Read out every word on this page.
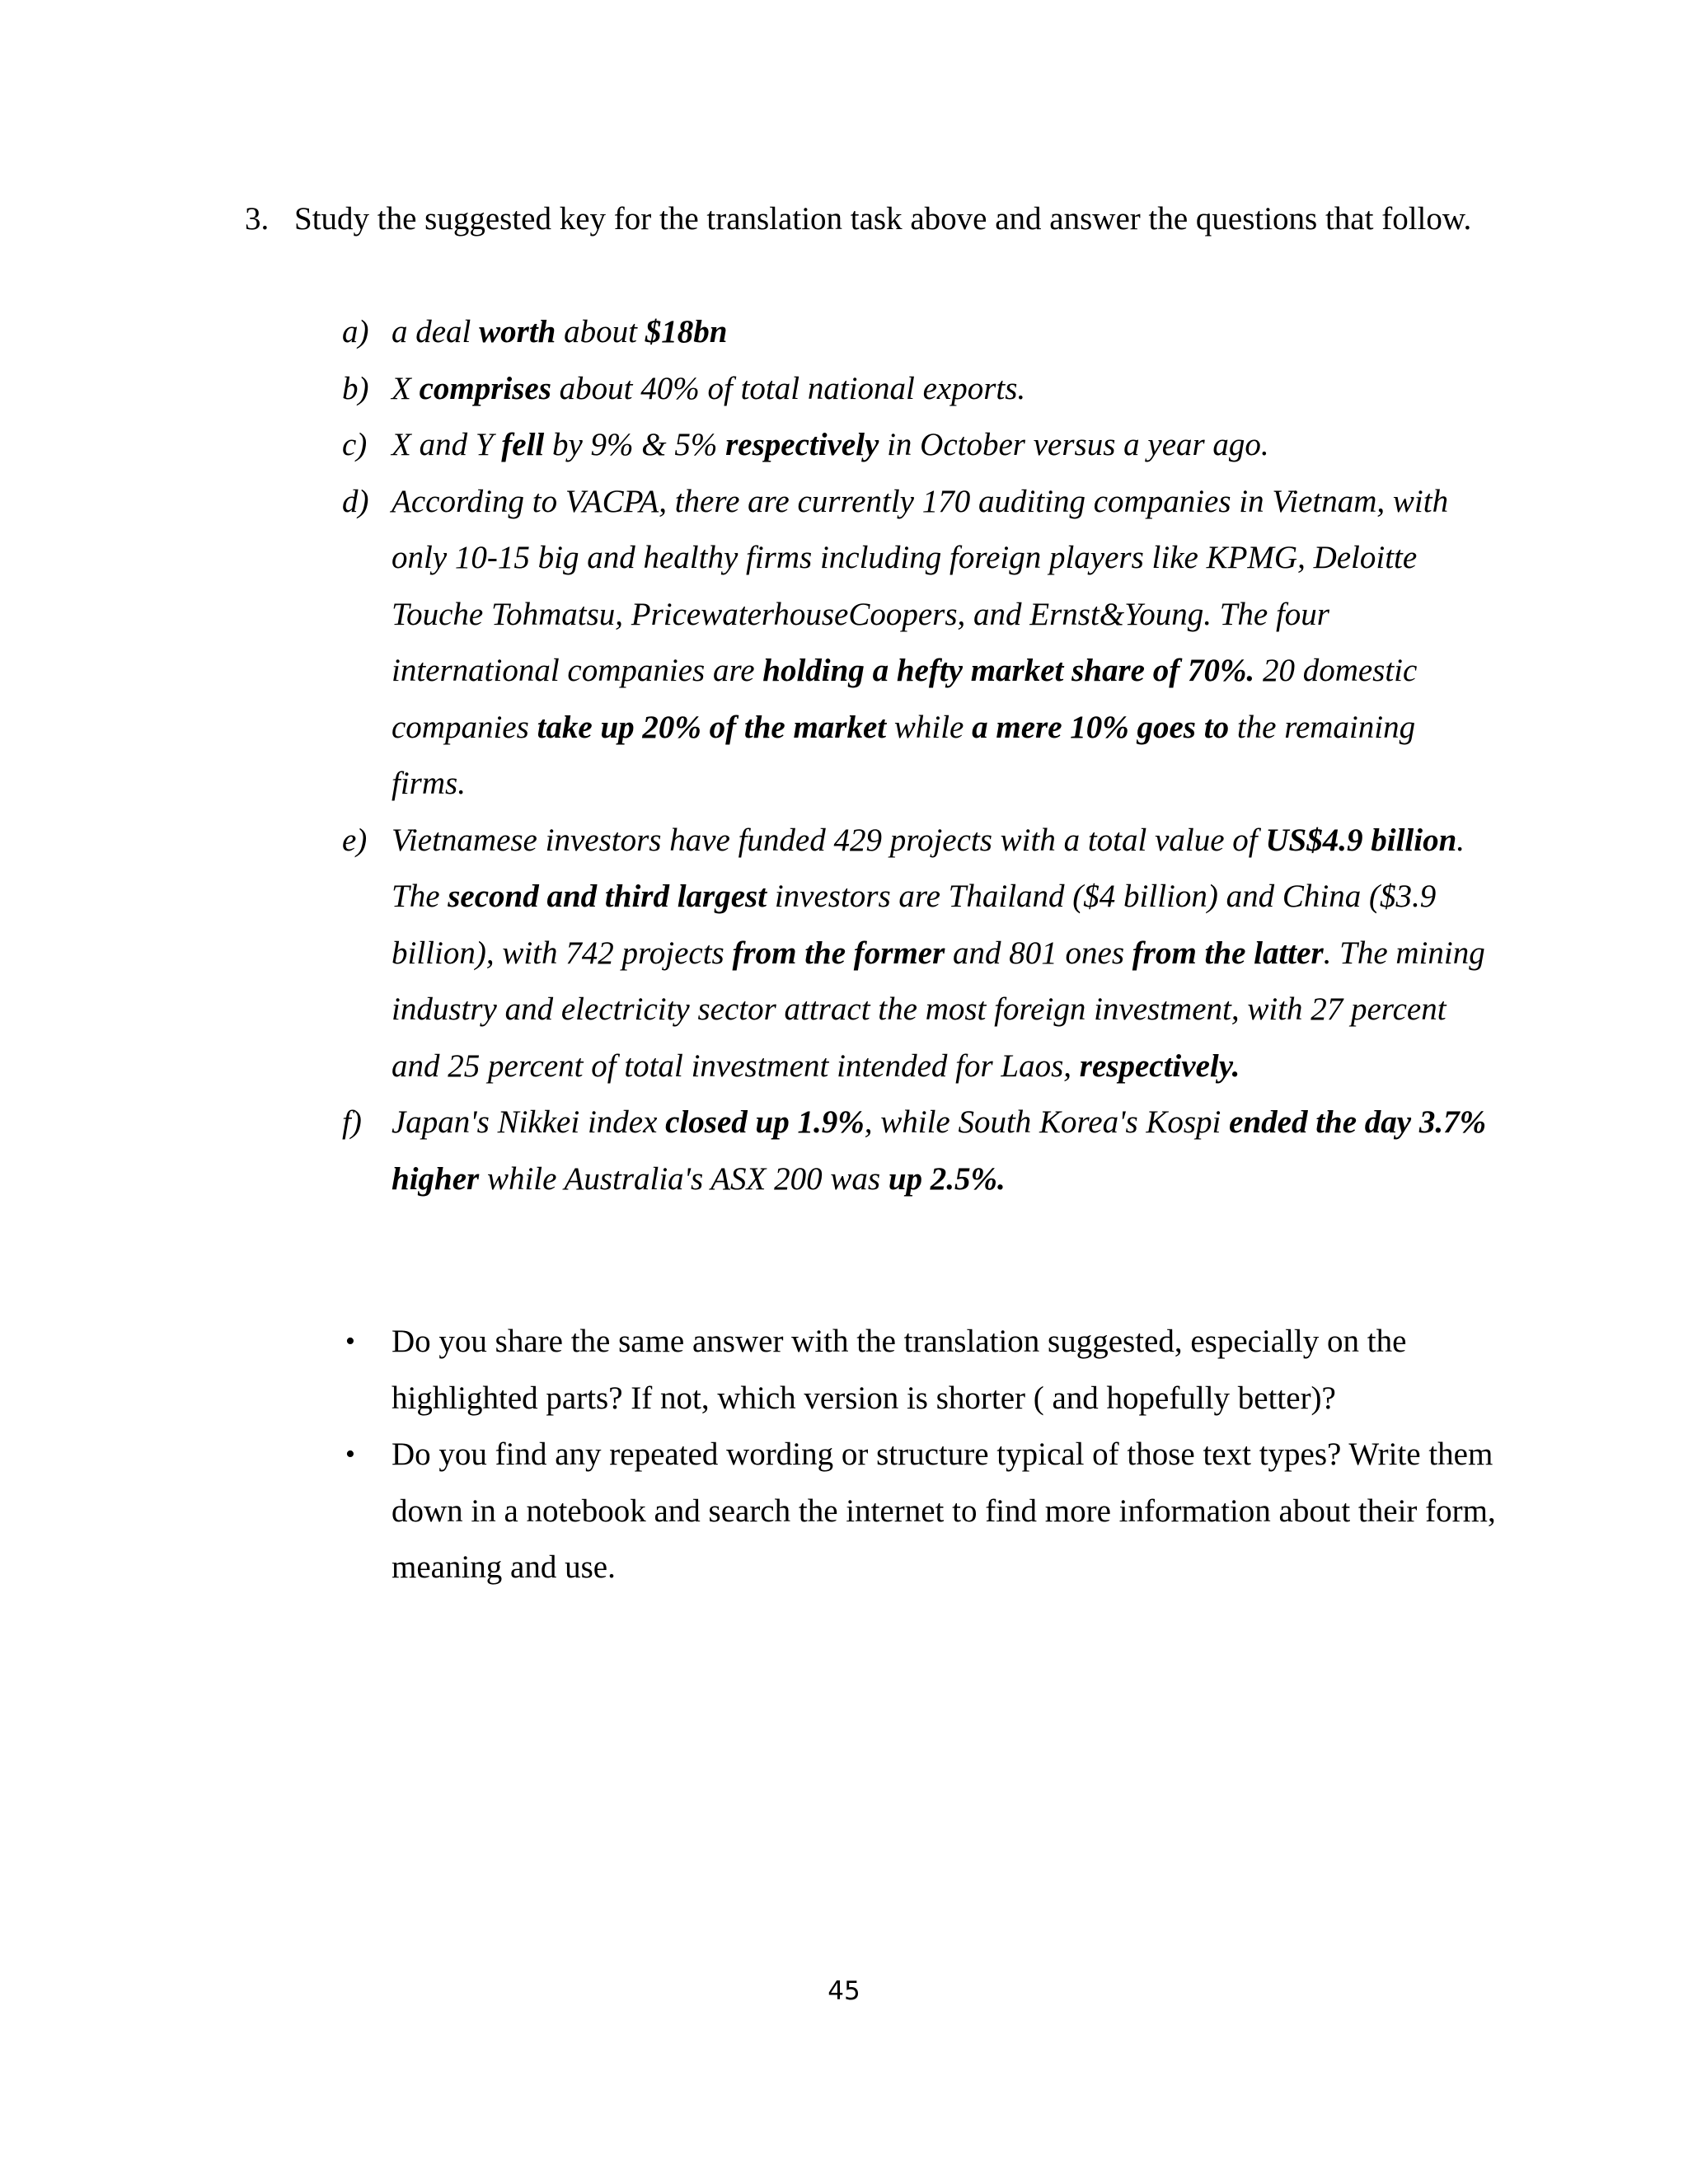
3. Study the suggested key for the translation task above and answer the questions that follow.
a) a deal worth about $18bn
b) X comprises about 40% of total national exports.
c) X and Y fell by 9% & 5% respectively in October versus a year ago.
d) According to VACPA, there are currently 170 auditing companies in Vietnam, with only 10-15 big and healthy firms including foreign players like KPMG, Deloitte Touche Tohmatsu, PricewaterhouseCoopers, and Ernst&Young. The four international companies are holding a hefty market share of 70%. 20 domestic companies take up 20% of the market while a mere 10% goes to the remaining firms.
e) Vietnamese investors have funded 429 projects with a total value of US$4.9 billion. The second and third largest investors are Thailand ($4 billion) and China ($3.9 billion), with 742 projects from the former and 801 ones from the latter. The mining industry and electricity sector attract the most foreign investment, with 27 percent and 25 percent of total investment intended for Laos, respectively.
f) Japan's Nikkei index closed up 1.9%, while South Korea's Kospi ended the day 3.7% higher while Australia's ASX 200 was up 2.5%.
• Do you share the same answer with the translation suggested, especially on the highlighted parts? If not, which version is shorter ( and hopefully better)?
• Do you find any repeated wording or structure typical of those text types? Write them down in a notebook and search the internet to find more information about their form, meaning and use.
45
